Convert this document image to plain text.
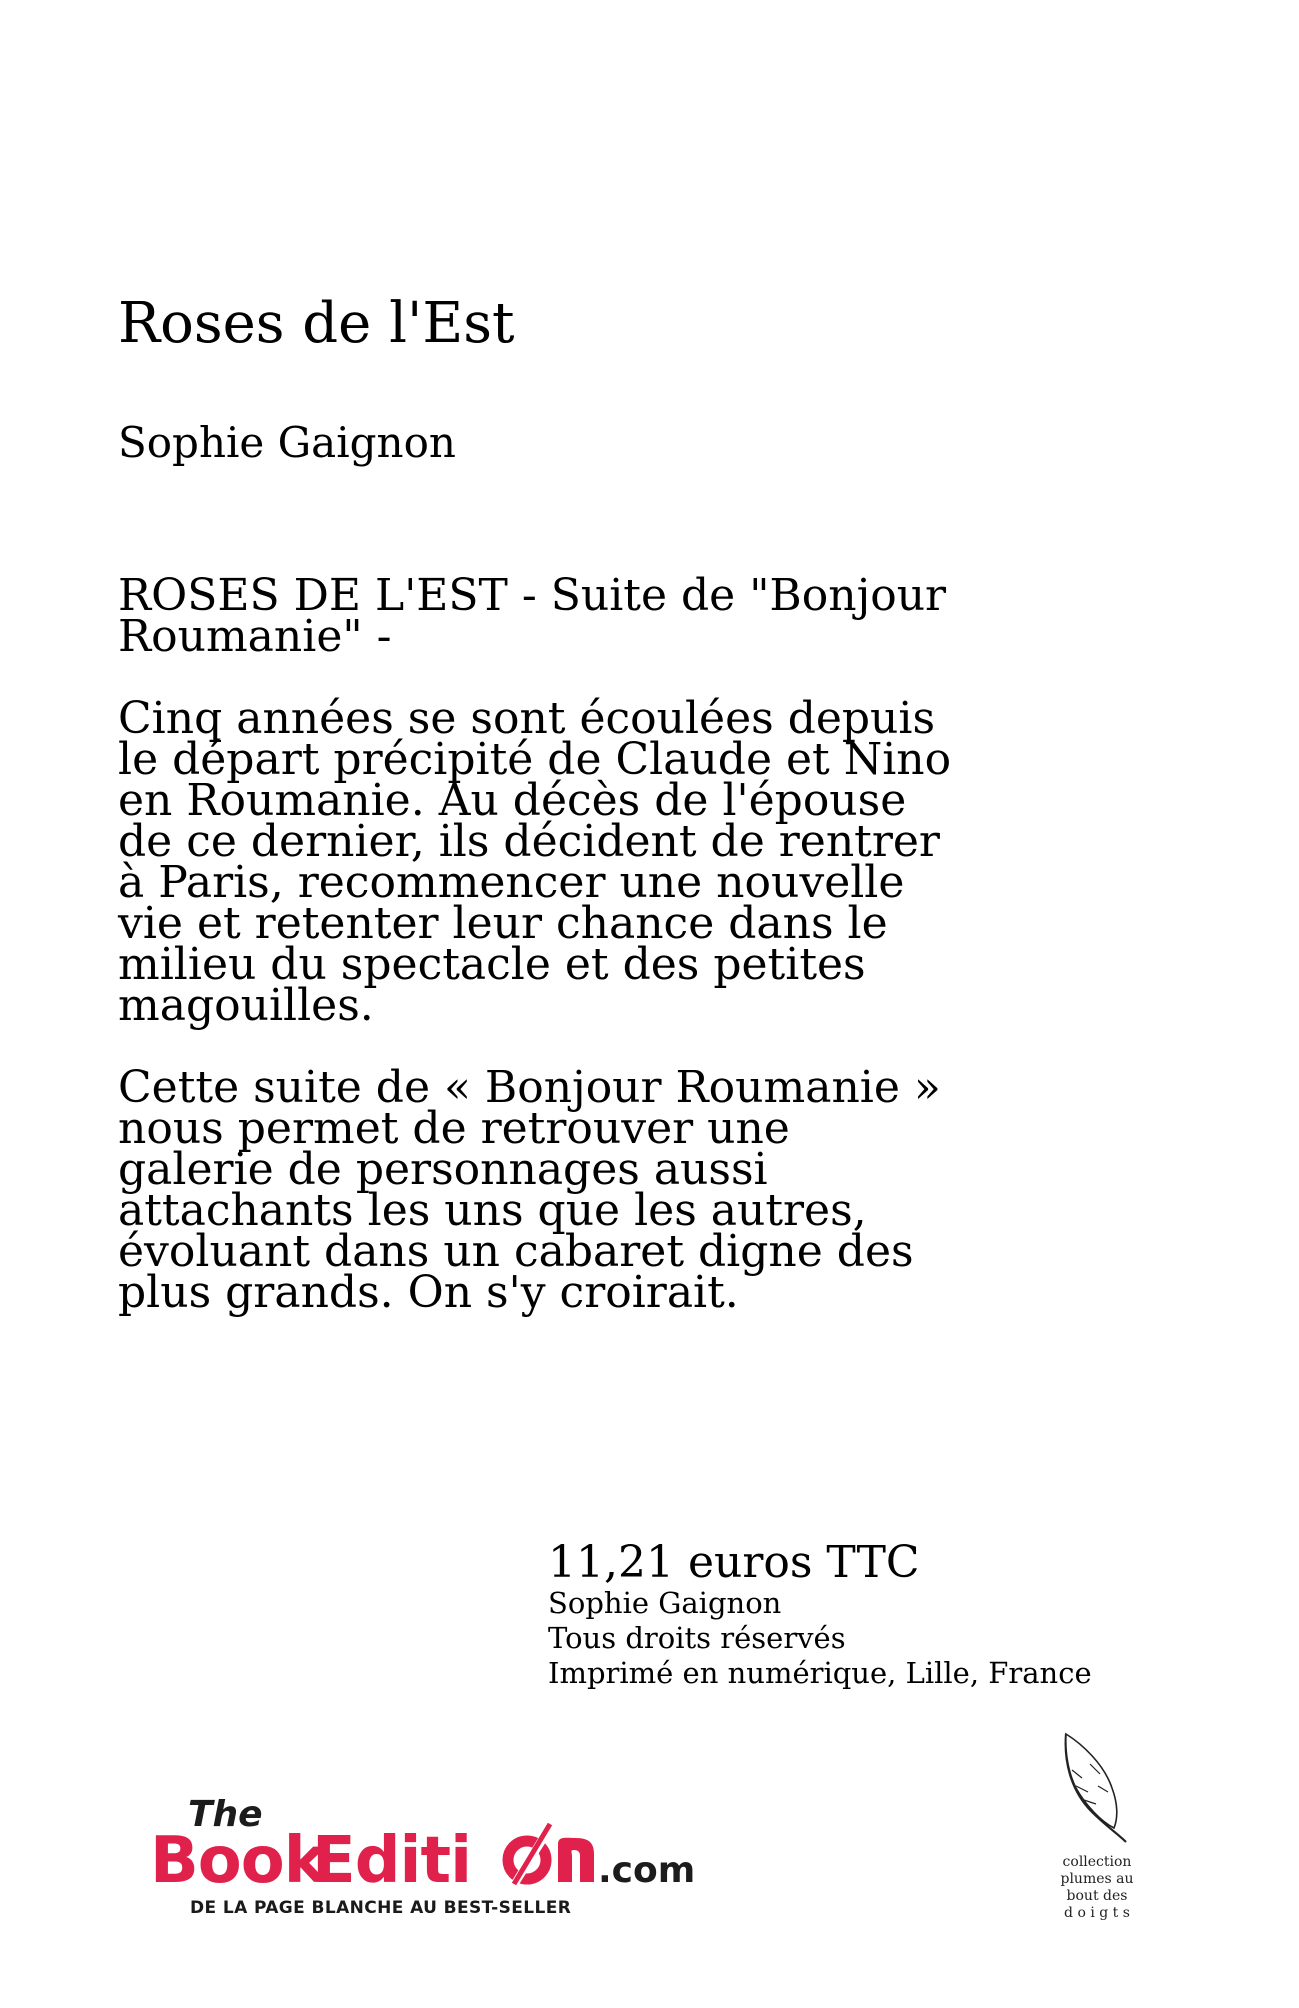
Roses de l'Est
Sophie Gaignon

ROSES DE L'EST - Suite de "Bonjour Roumanie" -

Cinq années se sont écoulées depuis le départ précipité de Claude et Nino en Roumanie. Au décès de l'épouse de ce dernier, ils décident de rentrer à Paris, recommencer une nouvelle vie et retenter leur chance dans le milieu du spectacle et des petites magouilles.

Cette suite de « Bonjour Roumanie » nous permet de retrouver une galerie de personnages aussi attachants les uns que les autres, évoluant dans un cabaret digne des plus grands. On s'y croirait.

11,21 euros TTC
Sophie Gaignon
Tous droits réservés
Imprimé en numérique, Lille, France
The
Book
Editi	.com
DE LA PAGE BLANCHE AU BEST-SELLER
collection
plumes au
bout des
d o i g t s
